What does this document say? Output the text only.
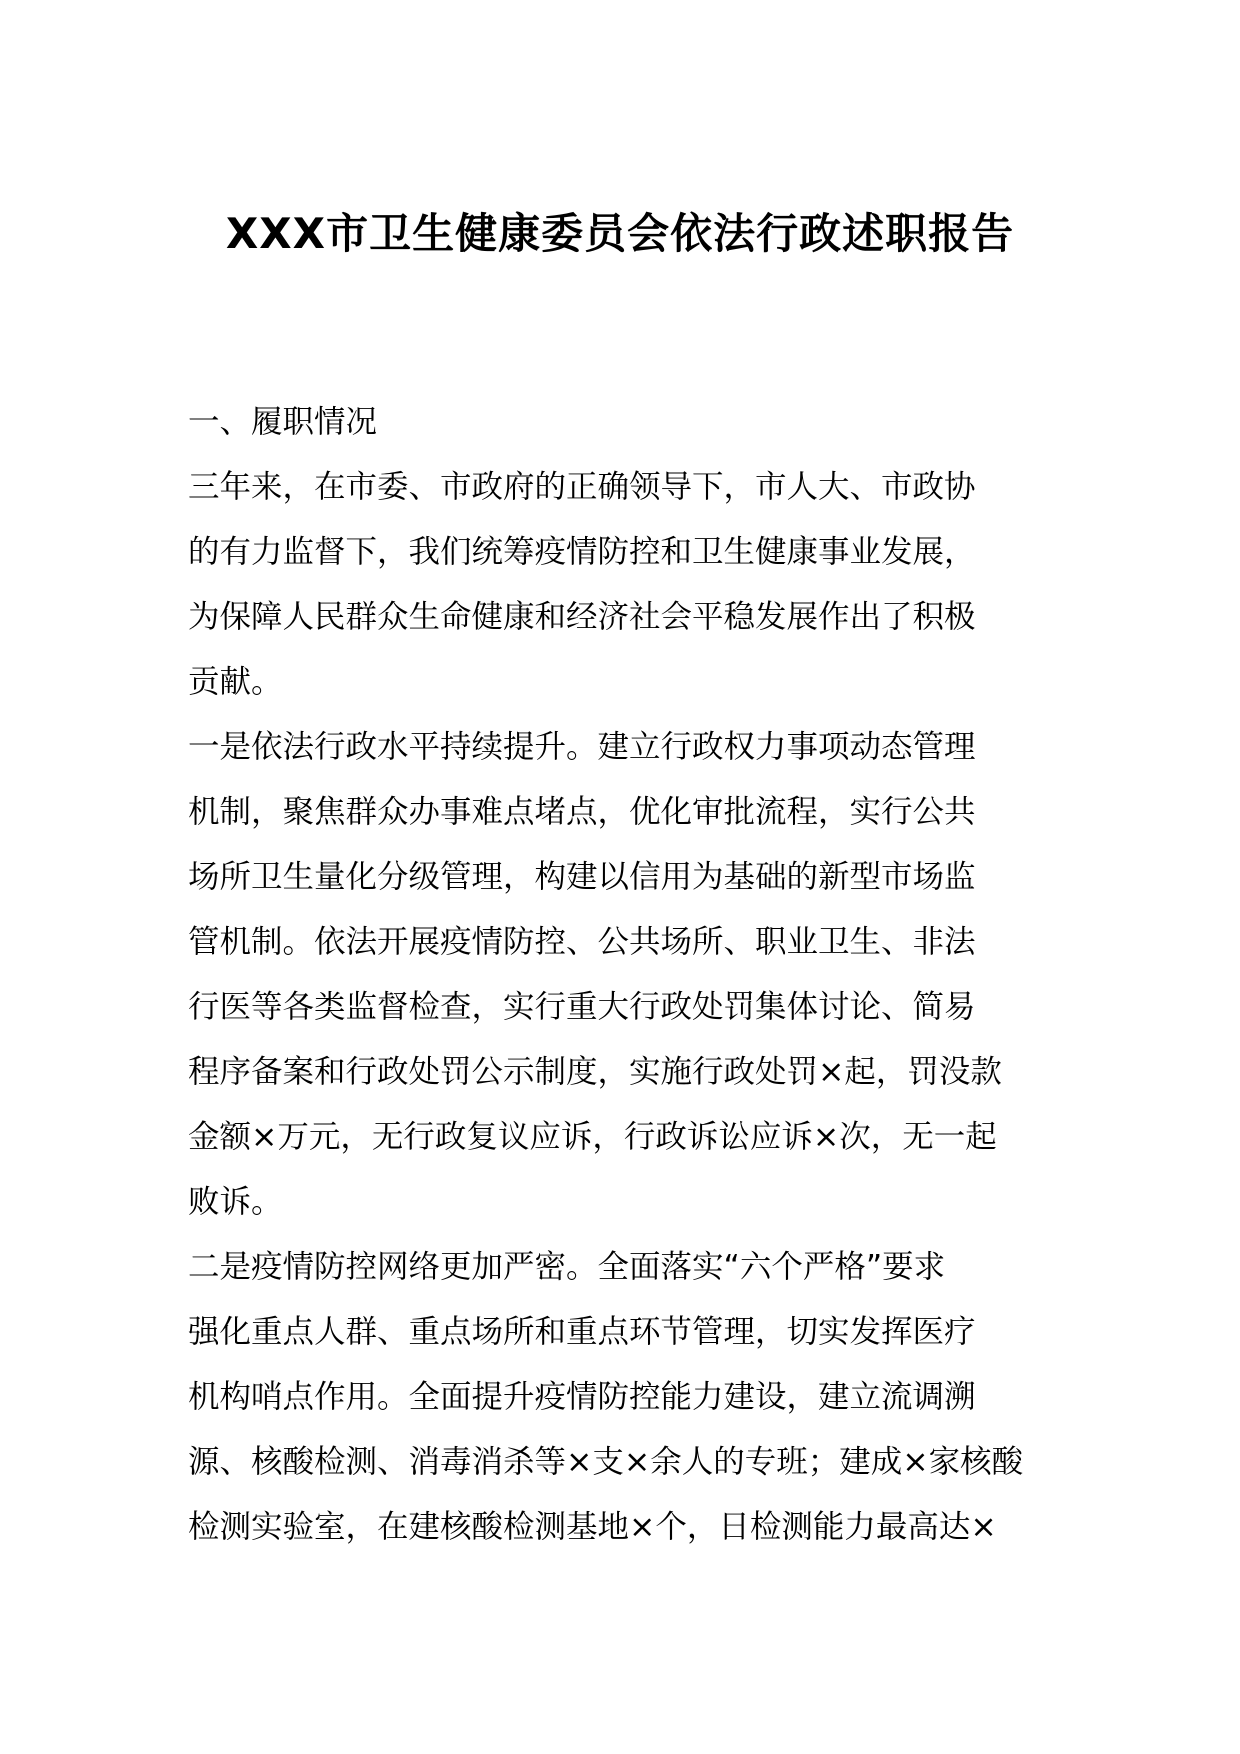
XXX市卫生健康委员会依法行政述职报告
一、履职情况
三年来，在市委、市政府的正确领导下，市人大、市政协
的有力监督下，我们统筹疫情防控和卫生健康事业发展，
为保障人民群众生命健康和经济社会平稳发展作出了积极
贡献。
一是依法行政水平持续提升。建立行政权力事项动态管理
机制，聚焦群众办事难点堵点，优化审批流程，实行公共
场所卫生量化分级管理，构建以信用为基础的新型市场监
管机制。依法开展疫情防控、公共场所、职业卫生、非法
行医等各类监督检查，实行重大行政处罚集体讨论、简易
程序备案和行政处罚公示制度，实施行政处罚×起，罚没款
金额×万元，无行政复议应诉，行政诉讼应诉×次，无一起
败诉。
二是疫情防控网络更加严密。全面落实“六个严格”要求
强化重点人群、重点场所和重点环节管理，切实发挥医疗
机构哨点作用。全面提升疫情防控能力建设，建立流调溯
源、核酸检测、消毒消杀等×支×余人的专班；建成×家核酸
检测实验室，在建核酸检测基地×个，日检测能力最高达×
